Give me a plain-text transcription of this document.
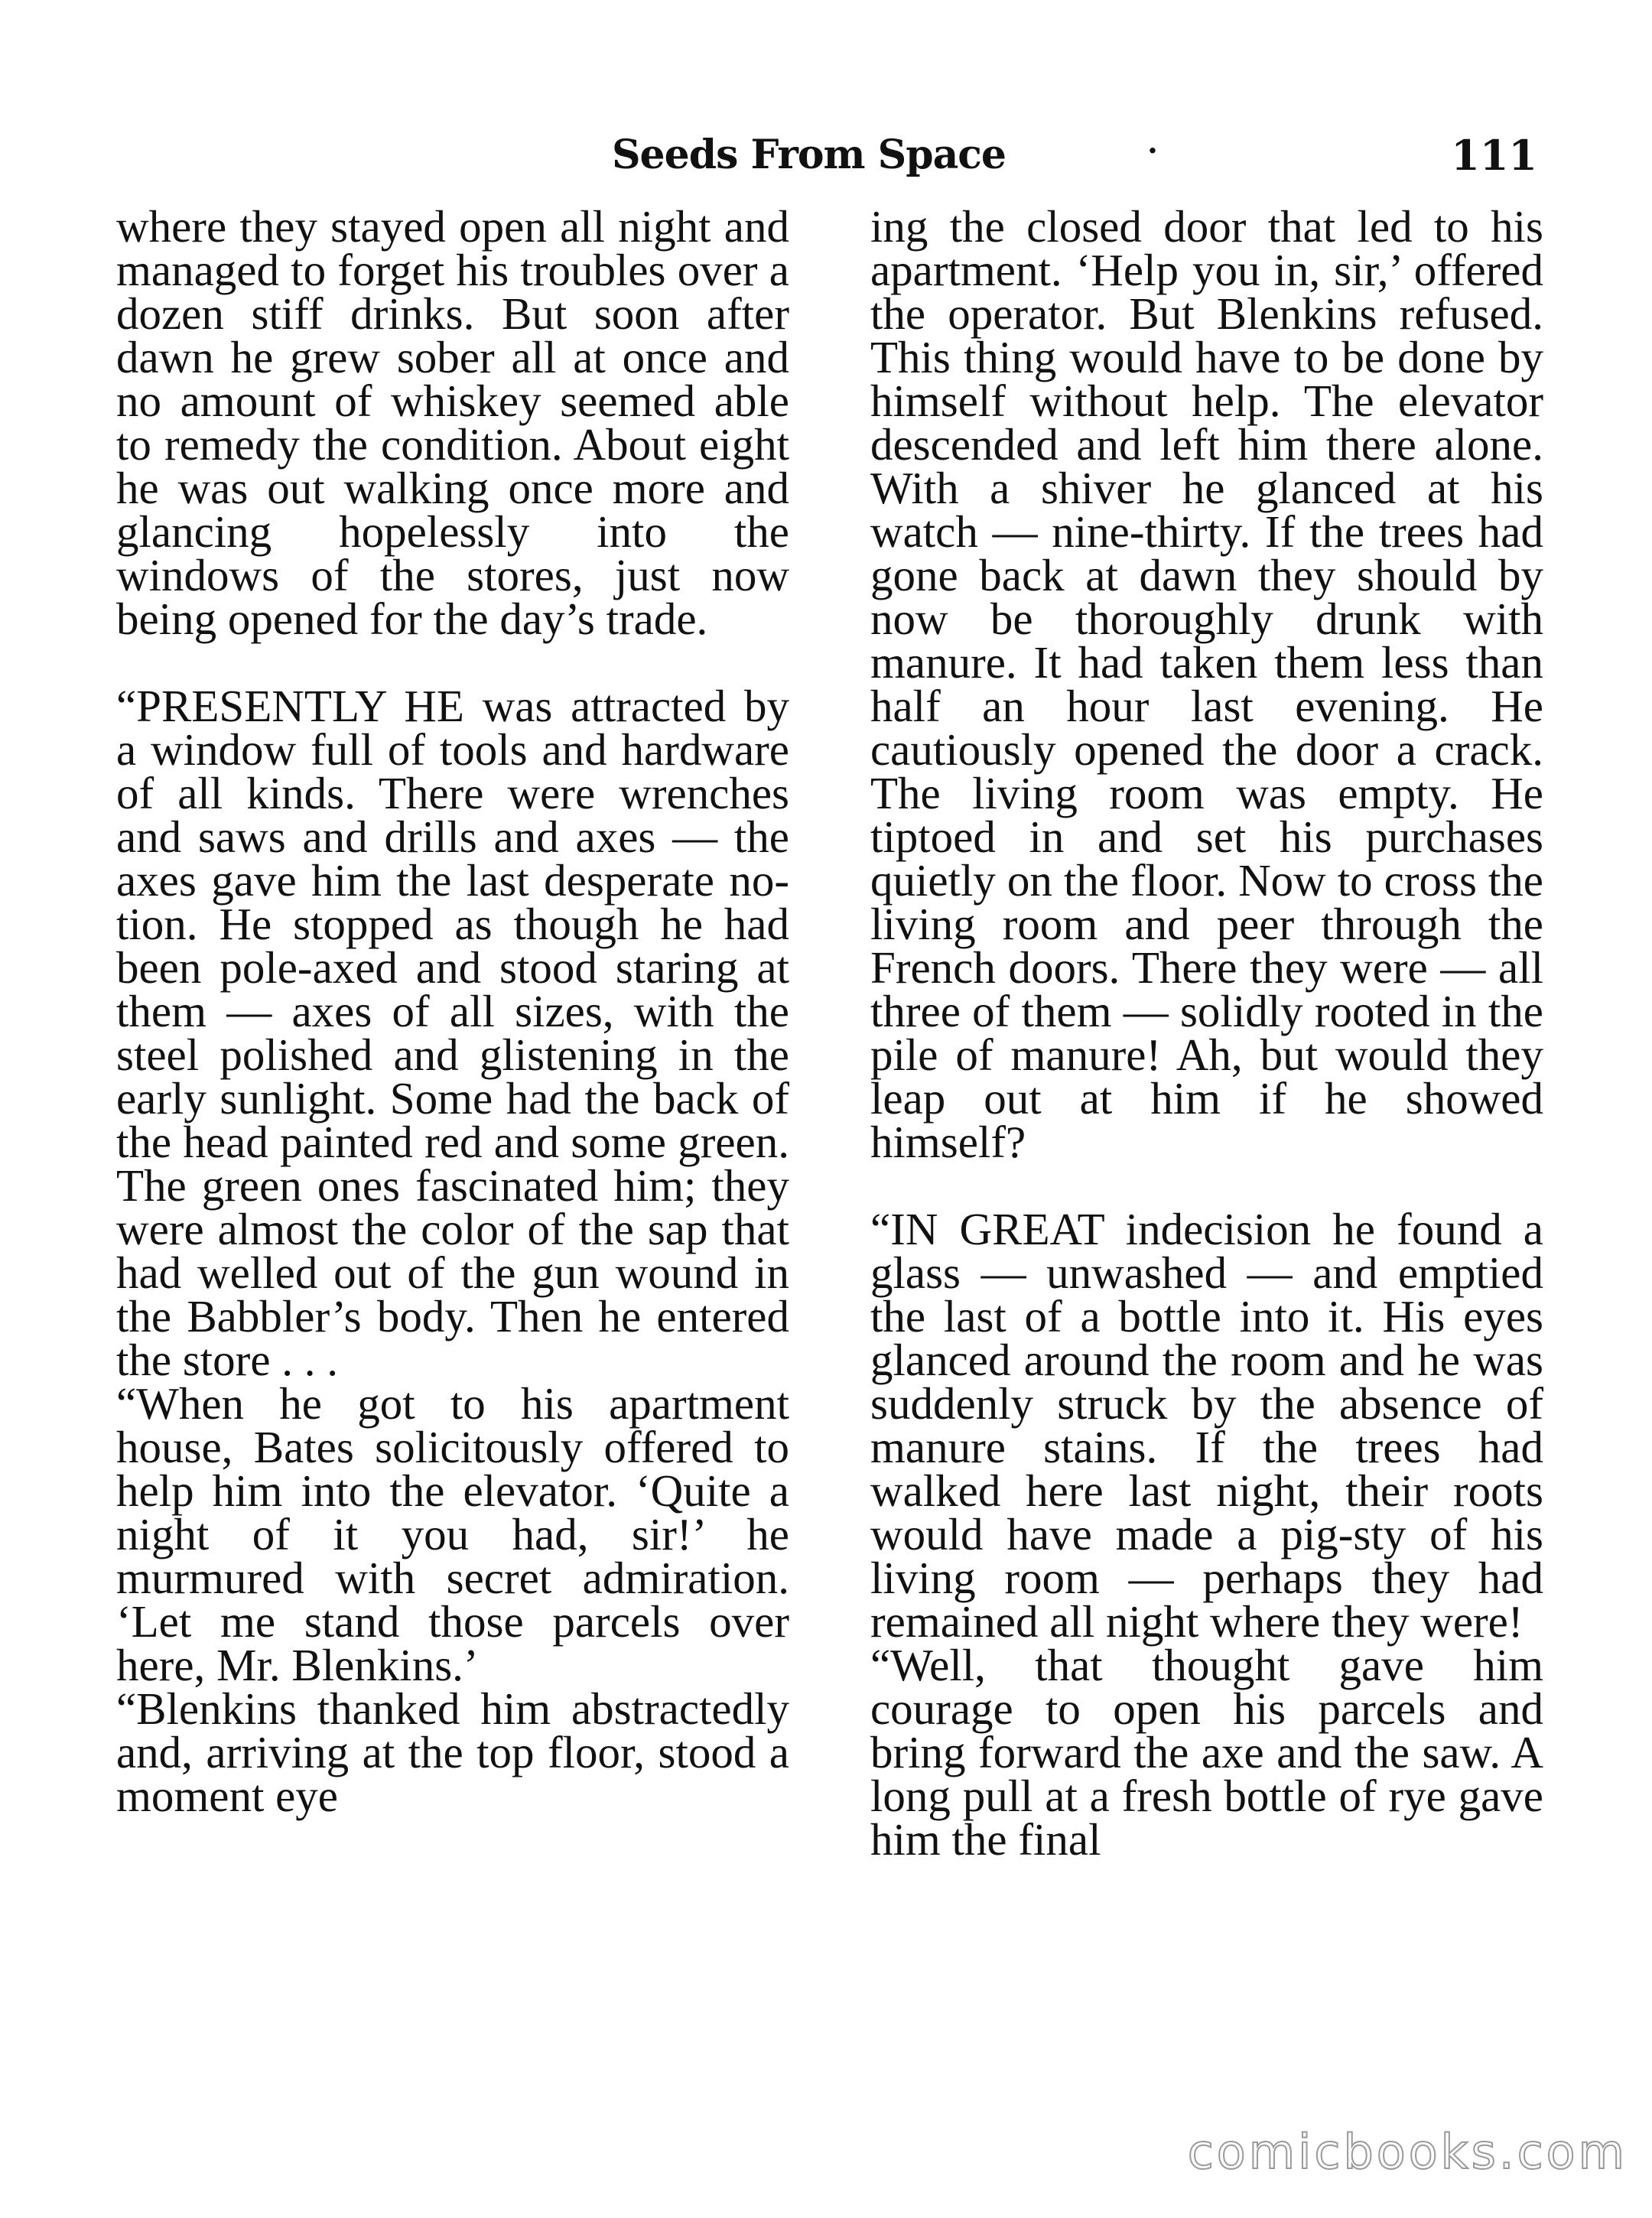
Seeds From Space	·	111

where they stayed open all night and managed to forget his troubles over a dozen stiff drinks. But soon after dawn he grew sober all at once and no amount of whiskey seemed able to remedy the condition. About eight he was out walking once more and glancing hopelessly into the windows of the stores, just now being opened for the day’s trade.

“PRESENTLY HE was attracted by a window full of tools and hardware of all kinds. There were wrenches and saws and drills and axes — the axes gave him the last desperate notion. He stopped as though he had been pole-axed and stood staring at them — axes of all sizes, with the steel polished and glistening in the early sunlight. Some had the back of the head painted red and some green. The green ones fascinated him; they were almost the color of the sap that had welled out of the gun wound in the Babbler’s body. Then he entered the store . . .

“When he got to his apartment house, Bates solicitously offered to help him into the elevator. ‘Quite a night of it you had, sir!’ he murmured with secret admiration. ‘Let me stand those parcels over here, Mr. Blenkins.’

“Blenkins thanked him abstractedly and, arriving at the top floor, stood a moment eye

ing the closed door that led to his apartment. ‘Help you in, sir,’ offered the operator. But Blenkins refused. This thing would have to be done by himself without help. The elevator descended and left him there alone. With a shiver he glanced at his watch — nine-thirty. If the trees had gone back at dawn they should by now be thoroughly drunk with manure. It had taken them less than half an hour last evening. He cautiously opened the door a crack. The living room was empty. He tiptoed in and set his purchases quietly on the floor. Now to cross the living room and peer through the French doors. There they were — all three of them — solidly rooted in the pile of manure! Ah, but would they leap out at him if he showed himself?

“IN GREAT indecision he found a glass — unwashed — and emptied the last of a bottle into it. His eyes glanced around the room and he was suddenly struck by the absence of manure stains. If the trees had walked here last night, their roots would have made a pig-sty of his living room — perhaps they had remained all night where they were!

“Well, that thought gave him courage to open his parcels and bring forward the axe and the saw. A long pull at a fresh bottle of rye gave him the final

comicbooks.com
